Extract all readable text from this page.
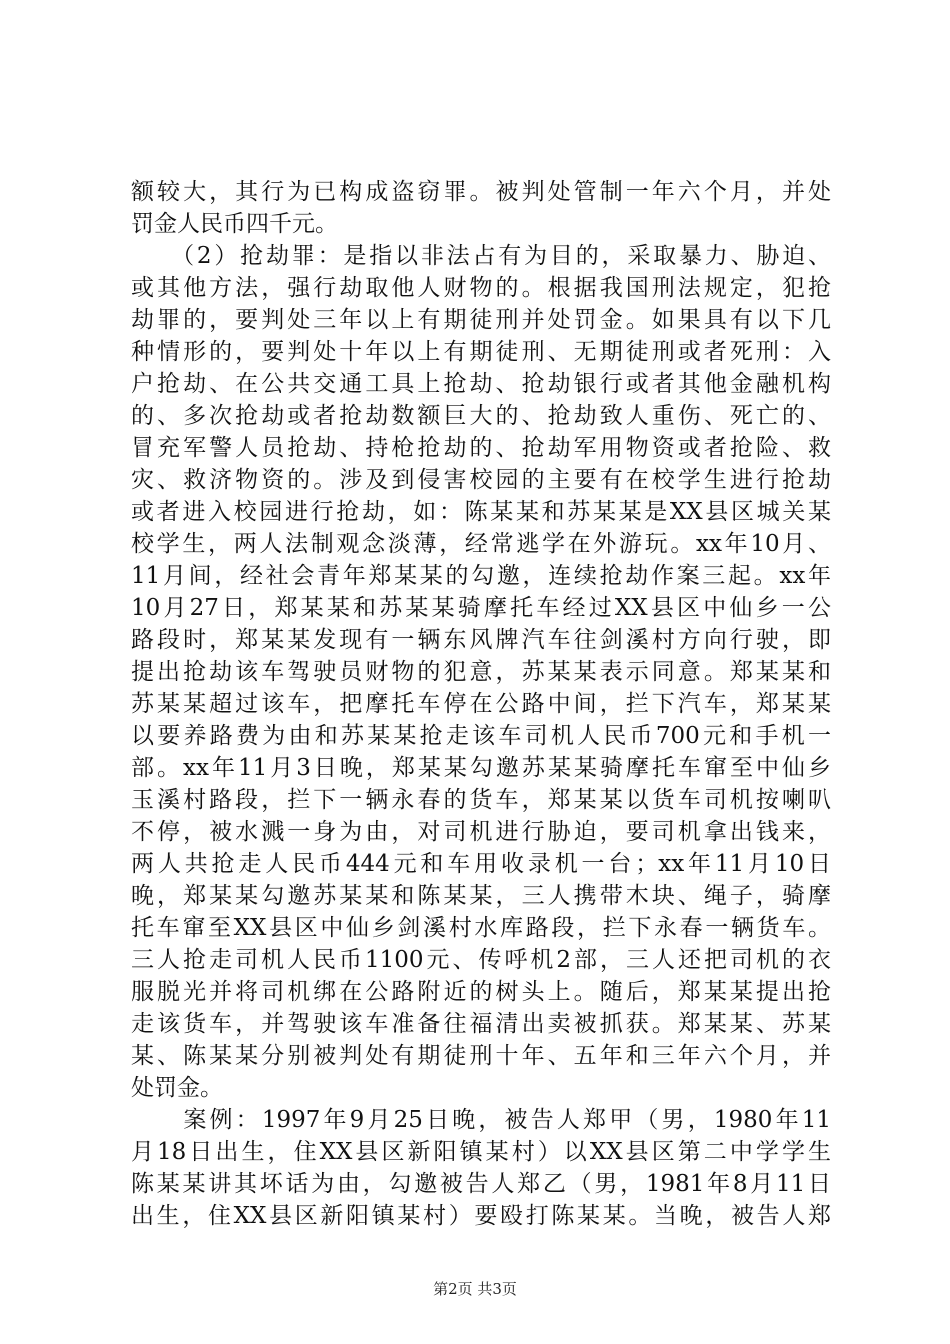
额较大，其行为已构成盗窃罪。被判处管制一年六个月，并处
罚金人民币四千元。
　　（2）抢劫罪：是指以非法占有为目的，采取暴力、胁迫、
或其他方法，强行劫取他人财物的。根据我国刑法规定，犯抢
劫罪的，要判处三年以上有期徒刑并处罚金。如果具有以下几
种情形的，要判处十年以上有期徒刑、无期徒刑或者死刑：入
户抢劫、在公共交通工具上抢劫、抢劫银行或者其他金融机构
的、多次抢劫或者抢劫数额巨大的、抢劫致人重伤、死亡的、
冒充军警人员抢劫、持枪抢劫的、抢劫军用物资或者抢险、救
灾、救济物资的。涉及到侵害校园的主要有在校学生进行抢劫
或者进入校园进行抢劫，如：陈某某和苏某某是XX县区城关某
校学生，两人法制观念淡薄，经常逃学在外游玩。xx年10月、
11月间，经社会青年郑某某的勾邀，连续抢劫作案三起。xx年
10月27日，郑某某和苏某某骑摩托车经过XX县区中仙乡一公
路段时，郑某某发现有一辆东风牌汽车往剑溪村方向行驶，即
提出抢劫该车驾驶员财物的犯意，苏某某表示同意。郑某某和
苏某某超过该车，把摩托车停在公路中间，拦下汽车，郑某某
以要养路费为由和苏某某抢走该车司机人民币700元和手机一
部。xx年11月3日晚，郑某某勾邀苏某某骑摩托车窜至中仙乡
玉溪村路段，拦下一辆永春的货车，郑某某以货车司机按喇叭
不停，被水溅一身为由，对司机进行胁迫，要司机拿出钱来，
两人共抢走人民币444元和车用收录机一台；xx年11月10日
晚，郑某某勾邀苏某某和陈某某，三人携带木块、绳子，骑摩
托车窜至XX县区中仙乡剑溪村水库路段，拦下永春一辆货车。
三人抢走司机人民币1100元、传呼机2部，三人还把司机的衣
服脱光并将司机绑在公路附近的树头上。随后，郑某某提出抢
走该货车，并驾驶该车准备往福清出卖被抓获。郑某某、苏某
某、陈某某分别被判处有期徒刑十年、五年和三年六个月，并
处罚金。
　　案例：1997年9月25日晚，被告人郑甲（男，1980年11
月18日出生，住XX县区新阳镇某村）以XX县区第二中学学生
陈某某讲其坏话为由，勾邀被告人郑乙（男，1981年8月11日
出生，住XX县区新阳镇某村）要殴打陈某某。当晚，被告人郑
第2页 共3页
